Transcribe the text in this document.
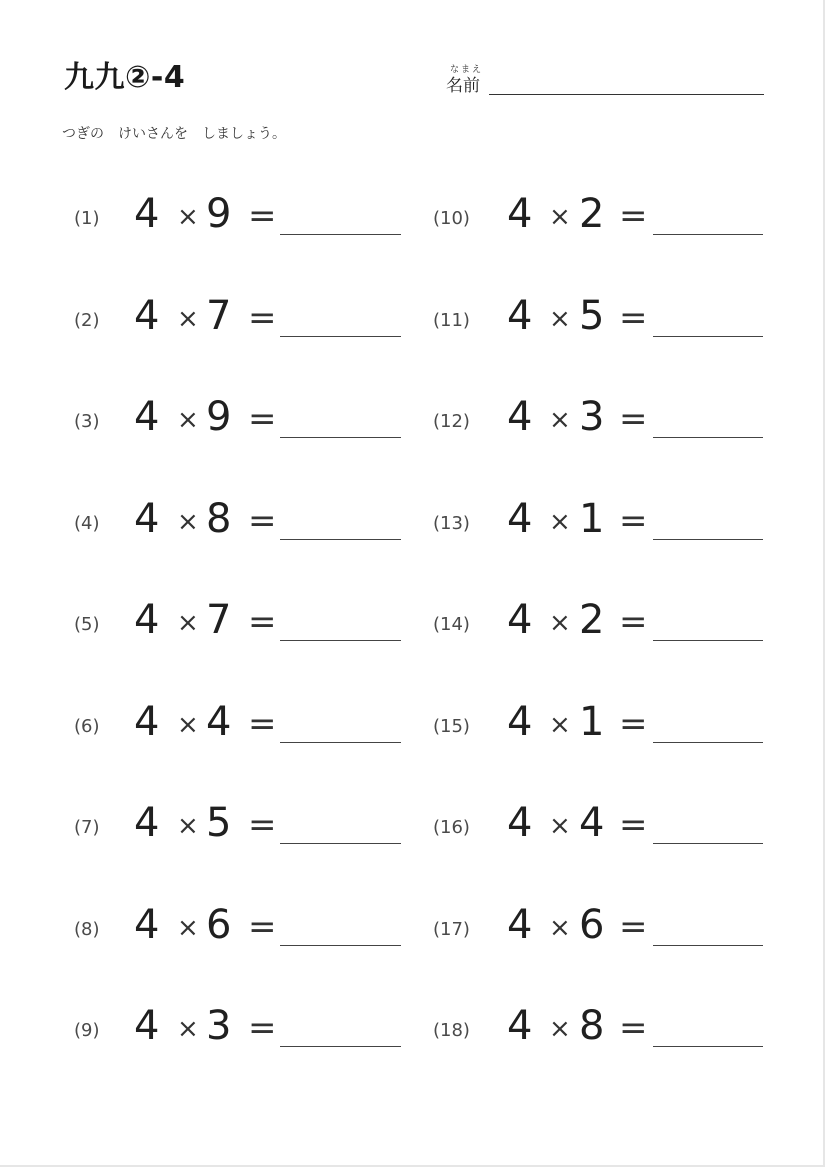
九九②-4	なまえ
名前
つぎの　けいさんを　しましょう。
(1) 4 × 9 =
(2) 4 × 7 =
(3) 4 × 9 =
(4) 4 × 8 =
(5) 4 × 7 =
(6) 4 × 4 =
(7) 4 × 5 =
(8) 4 × 6 =
(9) 4 × 3 =
(10) 4 × 2 =
(11) 4 × 5 =
(12) 4 × 3 =
(13) 4 × 1 =
(14) 4 × 2 =
(15) 4 × 1 =
(16) 4 × 4 =
(17) 4 × 6 =
(18) 4 × 8 =
